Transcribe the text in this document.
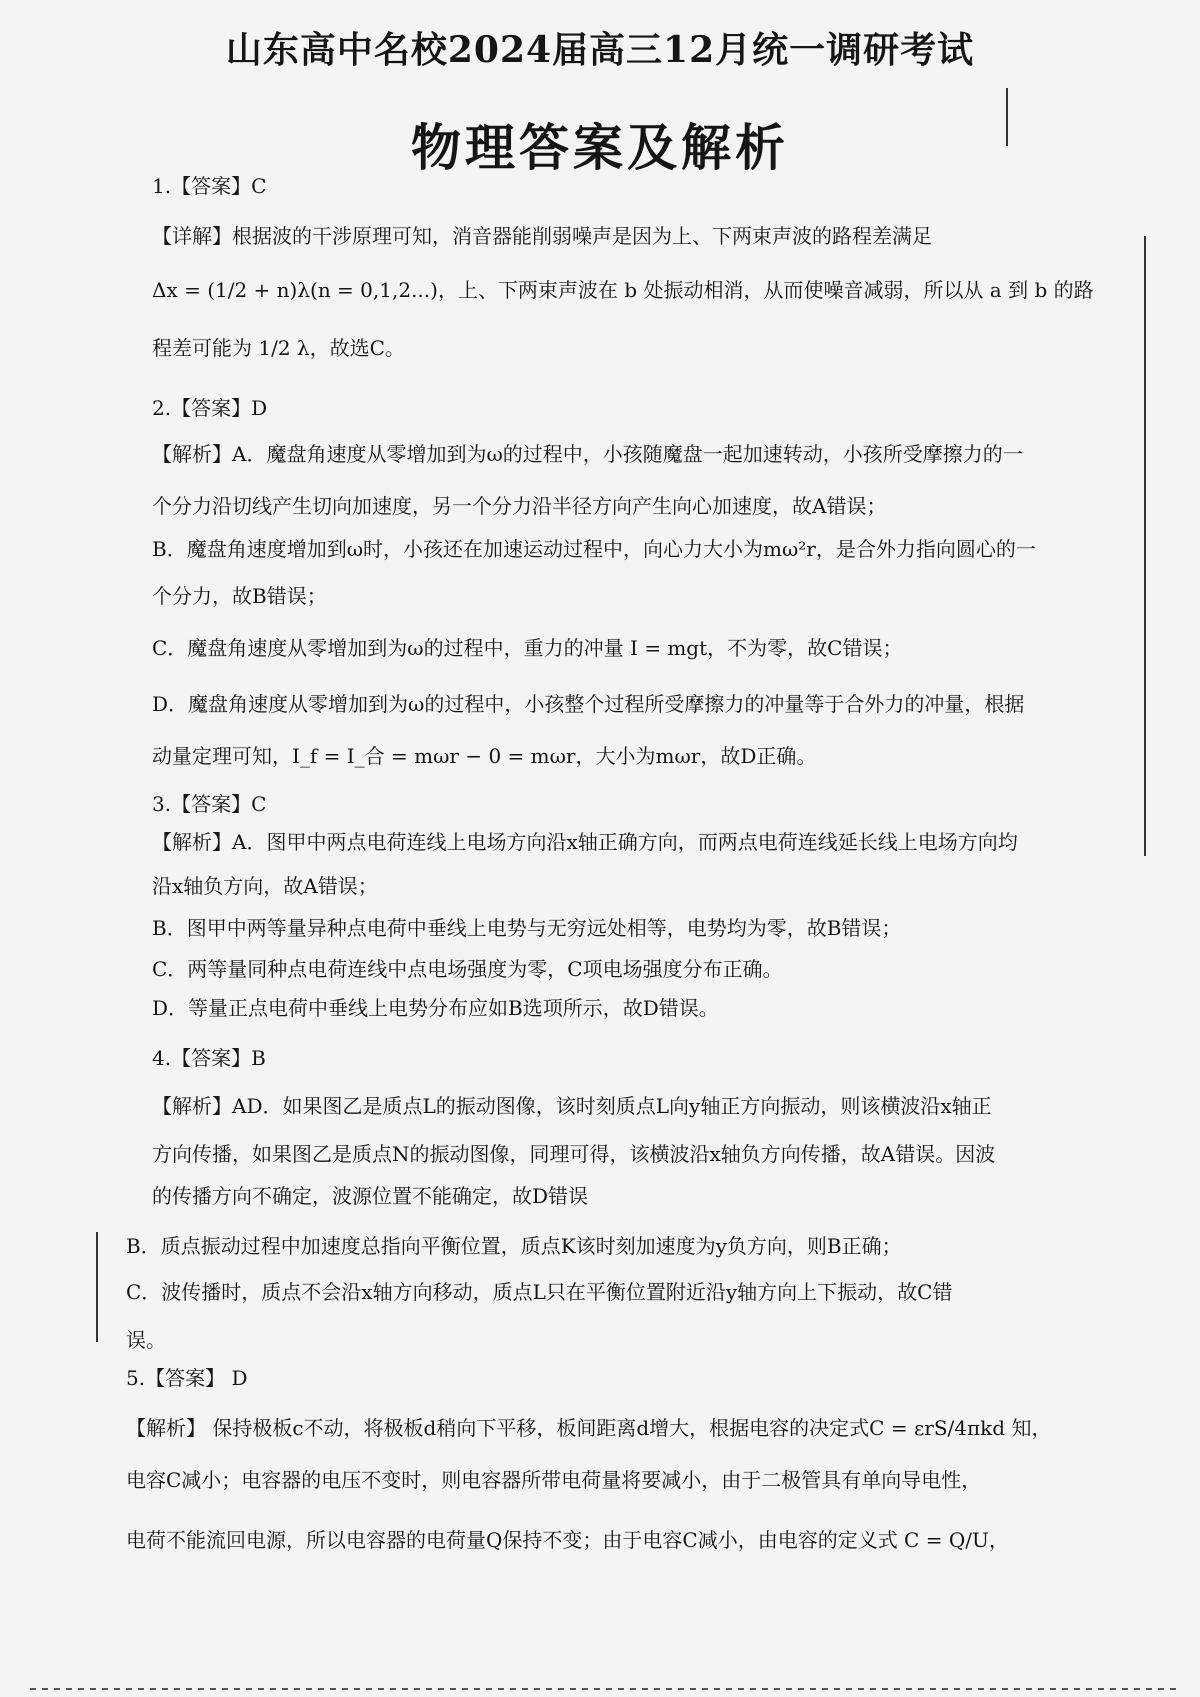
山东高中名校2024届高三12月统一调研考试
物理答案及解析
1.【答案】C
【详解】根据波的干涉原理可知，消音器能削弱噪声是因为上、下两束声波的路程差满足
Δx = (1/2 + n)λ(n = 0,1,2...)，上、下两束声波在 b 处振动相消，从而使噪音减弱，所以从 a 到 b 的路
程差可能为 1/2 λ，故选C。
2.【答案】D
【解析】A．魔盘角速度从零增加到为ω的过程中，小孩随魔盘一起加速转动，小孩所受摩擦力的一
个分力沿切线产生切向加速度，另一个分力沿半径方向产生向心加速度，故A错误；
B．魔盘角速度增加到ω时，小孩还在加速运动过程中，向心力大小为mω²r，是合外力指向圆心的一
个分力，故B错误；
C．魔盘角速度从零增加到为ω的过程中，重力的冲量 I = mgt，不为零，故C错误；
D．魔盘角速度从零增加到为ω的过程中，小孩整个过程所受摩擦力的冲量等于合外力的冲量，根据
动量定理可知，I_f = I_合 = mωr − 0 = mωr，大小为mωr，故D正确。
3.【答案】C
【解析】A．图甲中两点电荷连线上电场方向沿x轴正确方向，而两点电荷连线延长线上电场方向均
沿x轴负方向，故A错误；
B．图甲中两等量异种点电荷中垂线上电势与无穷远处相等，电势均为零，故B错误；
C．两等量同种点电荷连线中点电场强度为零，C项电场强度分布正确。
D．等量正点电荷中垂线上电势分布应如B选项所示，故D错误。
4.【答案】B
【解析】AD．如果图乙是质点L的振动图像，该时刻质点L向y轴正方向振动，则该横波沿x轴正
方向传播，如果图乙是质点N的振动图像，同理可得，该横波沿x轴负方向传播，故A错误。因波
的传播方向不确定，波源位置不能确定，故D错误
B．质点振动过程中加速度总指向平衡位置，质点K该时刻加速度为y负方向，则B正确；
C．波传播时，质点不会沿x轴方向移动，质点L只在平衡位置附近沿y轴方向上下振动，故C错
误。
5.【答案】 D
【解析】 保持极板c不动，将极板d稍向下平移，板间距离d增大，根据电容的决定式C = εrS/4πkd 知，
电容C减小；电容器的电压不变时，则电容器所带电荷量将要减小，由于二极管具有单向导电性，
电荷不能流回电源，所以电容器的电荷量Q保持不变；由于电容C减小，由电容的定义式 C = Q/U，
